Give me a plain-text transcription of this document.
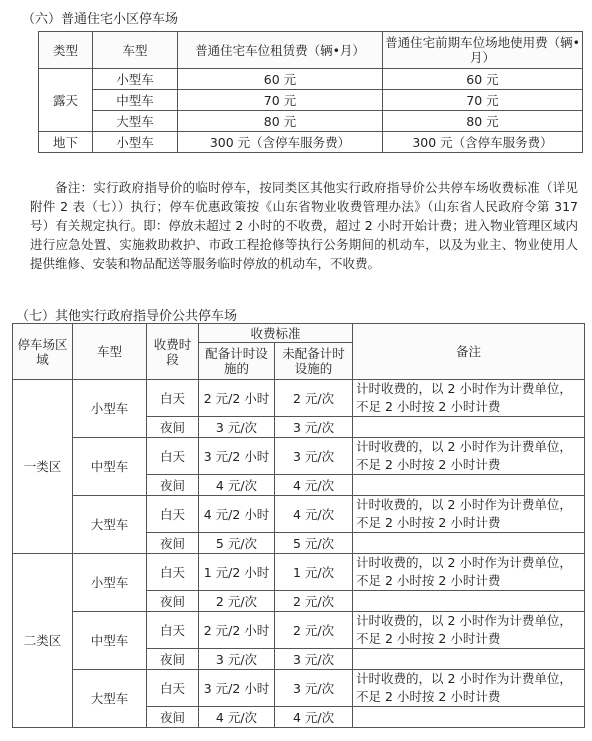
（六）普通住宅小区停车场
类型	车型	普通住宅车位租赁费（辆•月）	普通住宅前期车位场地使用费（辆•月）
露天	小型车	60 元	60 元
	中型车	70 元	70 元
	大型车	80 元	80 元
地下	小型车	300 元（含停车服务费）	300 元（含停车服务费）
备注：实行政府指导价的临时停车，按同类区其他实行政府指导价公共停车场收费标准（详见附件 2 表（七））执行；停车优惠政策按《山东省物业收费管理办法》（山东省人民政府令第 317 号）有关规定执行。即：停放未超过 2 小时的不收费，超过 2 小时开始计费；进入物业管理区域内进行应急处置、实施救助救护、市政工程抢修等执行公务期间的机动车，以及为业主、物业使用人提供维修、安装和物品配送等服务临时停放的机动车，不收费。
（七）其他实行政府指导价公共停车场
停车场区域	车型	收费时段	收费标准		备注
			配备计时设施的	未配备计时设施的	
一类区	小型车	白天	2 元/2 小时	2 元/次	计时收费的，以 2 小时作为计费单位，不足 2 小时按 2 小时计费
		夜间	3 元/次	3 元/次	
	中型车	白天	3 元/2 小时	3 元/次	计时收费的，以 2 小时作为计费单位，不足 2 小时按 2 小时计费
		夜间	4 元/次	4 元/次	
	大型车	白天	4 元/2 小时	4 元/次	计时收费的，以 2 小时作为计费单位，不足 2 小时按 2 小时计费
		夜间	5 元/次	5 元/次	
二类区	小型车	白天	1 元/2 小时	1 元/次	计时收费的，以 2 小时作为计费单位，不足 2 小时按 2 小时计费
		夜间	2 元/次	2 元/次	
	中型车	白天	2 元/2 小时	2 元/次	计时收费的，以 2 小时作为计费单位，不足 2 小时按 2 小时计费
		夜间	3 元/次	3 元/次	
	大型车	白天	3 元/2 小时	3 元/次	计时收费的，以 2 小时作为计费单位，不足 2 小时按 2 小时计费
		夜间	4 元/次	4 元/次	
